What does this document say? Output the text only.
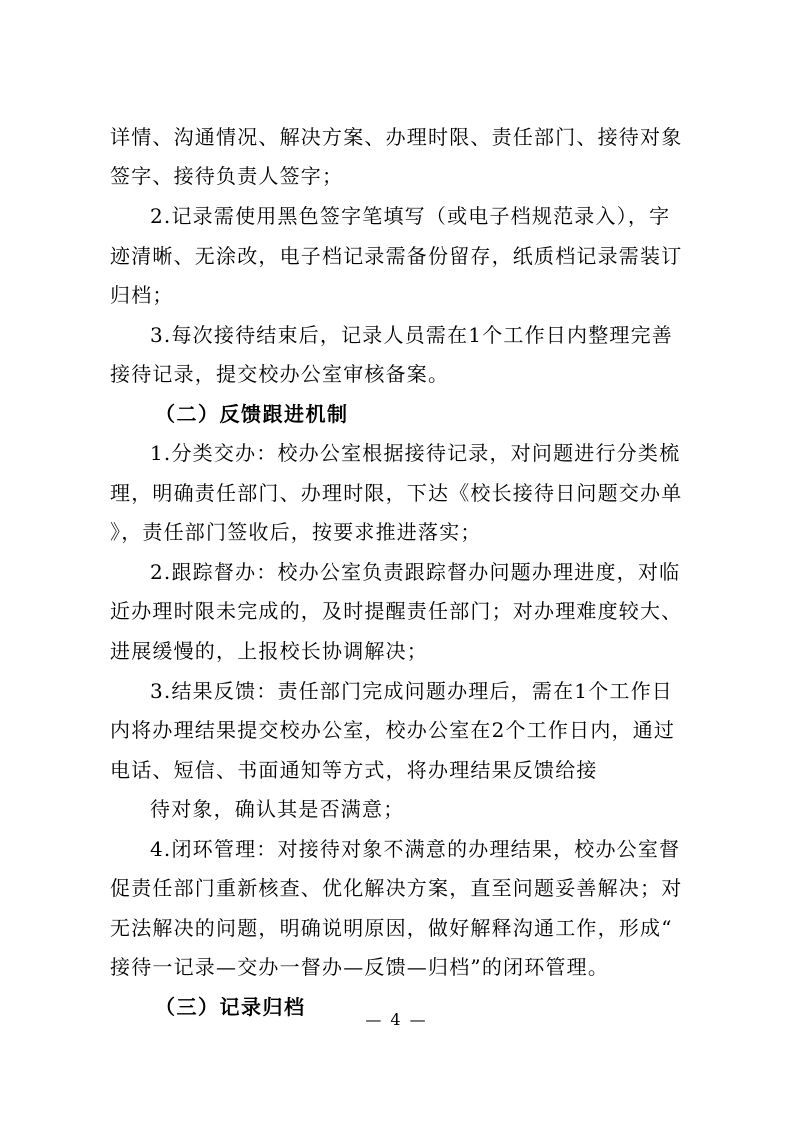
详情、沟通情况、解决方案、办理时限、责任部门、接待对象
签字、接待负责人签字；
2.记录需使用黑色签字笔填写（或电子档规范录入），字
迹清晰、无涂改，电子档记录需备份留存，纸质档记录需装订
归档；
3.每次接待结束后，记录人员需在1个工作日内整理完善
接待记录，提交校办公室审核备案。
（二）反馈跟进机制
1.分类交办：校办公室根据接待记录，对问题进行分类梳
理，明确责任部门、办理时限，下达《校长接待日问题交办单
》，责任部门签收后，按要求推进落实；
2.跟踪督办：校办公室负责跟踪督办问题办理进度，对临
近办理时限未完成的，及时提醒责任部门；对办理难度较大、
进展缓慢的，上报校长协调解决；
3.结果反馈：责任部门完成问题办理后，需在1个工作日
内将办理结果提交校办公室，校办公室在2个工作日内，通过
电话、短信、书面通知等方式，将办理结果反馈给接
待对象，确认其是否满意；
4.闭环管理：对接待对象不满意的办理结果，校办公室督
促责任部门重新核查、优化解决方案，直至问题妥善解决；对
无法解决的问题，明确说明原因，做好解释沟通工作，形成“
接待一记录—交办一督办—反馈—归档”的闭环管理。
（三）记录归档
— 4 —
